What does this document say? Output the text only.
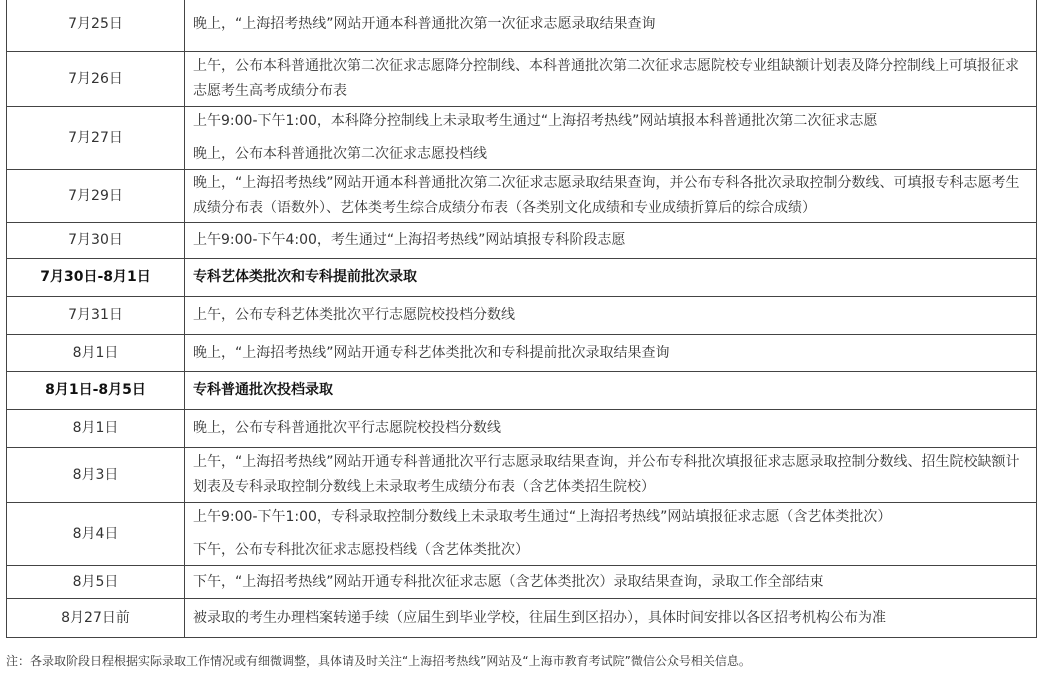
7月25日	晚上，“上海招考热线”网站开通本科普通批次第一次征求志愿录取结果查询

7月26日	上午，公布本科普通批次第二次征求志愿降分控制线、本科普通批次第二次征求志愿院校专业组缺额计划表及降分控制线上可填报征求志愿考生高考成绩分布表

7月27日	上午9:00-下午1:00，本科降分控制线上未录取考生通过“上海招考热线”网站填报本科普通批次第二次征求志愿
晚上，公布本科普通批次第二次征求志愿投档线

7月29日	晚上，“上海招考热线”网站开通本科普通批次第二次征求志愿录取结果查询，并公布专科各批次录取控制分数线、可填报专科志愿考生成绩分布表（语数外）、艺体类考生综合成绩分布表（各类别文化成绩和专业成绩折算后的综合成绩）

7月30日	上午9:00-下午4:00，考生通过“上海招考热线”网站填报专科阶段志愿

7月30日-8月1日	专科艺体类批次和专科提前批次录取

7月31日	上午，公布专科艺体类批次平行志愿院校投档分数线

8月1日	晚上，“上海招考热线”网站开通专科艺体类批次和专科提前批次录取结果查询

8月1日-8月5日	专科普通批次投档录取

8月1日	晚上，公布专科普通批次平行志愿院校投档分数线

8月3日	上午，“上海招考热线”网站开通专科普通批次平行志愿录取结果查询，并公布专科批次填报征求志愿录取控制分数线、招生院校缺额计划表及专科录取控制分数线上未录取考生成绩分布表（含艺体类招生院校）

8月4日	上午9:00-下午1:00，专科录取控制分数线上未录取考生通过“上海招考热线”网站填报征求志愿（含艺体类批次）
下午，公布专科批次征求志愿投档线（含艺体类批次）

8月5日	下午，“上海招考热线”网站开通专科批次征求志愿（含艺体类批次）录取结果查询，录取工作全部结束

8月27日前	被录取的考生办理档案转递手续（应届生到毕业学校，往届生到区招办），具体时间安排以各区招考机构公布为准
注：各录取阶段日程根据实际录取工作情况或有细微调整，具体请及时关注“上海招考热线”网站及“上海市教育考试院”微信公众号相关信息。
